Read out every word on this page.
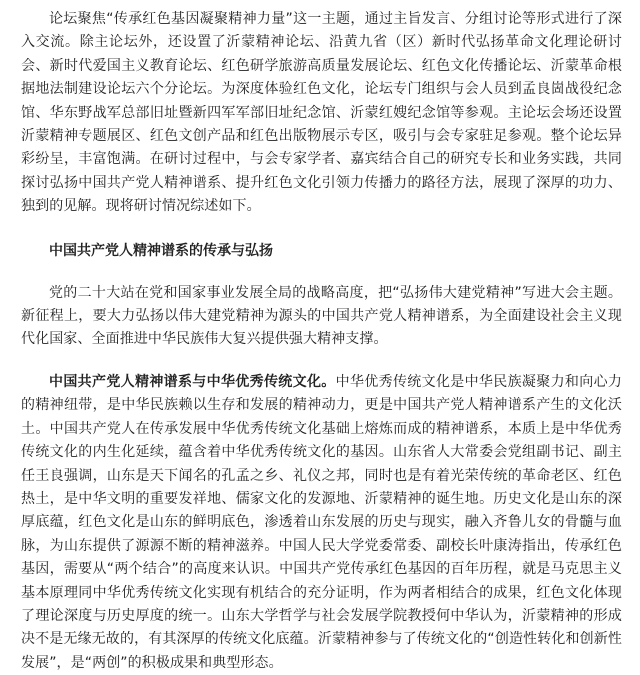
论坛聚焦“传承红色基因凝聚精神力量”这一主题，通过主旨发言、分组讨论等形式进行了深入交流。除主论坛外，还设置了沂蒙精神论坛、沿黄九省（区）新时代弘扬革命文化理论研讨会、新时代爱国主义教育论坛、红色研学旅游高质量发展论坛、红色文化传播论坛、沂蒙革命根据地法制建设论坛六个分论坛。为深度体验红色文化，论坛专门组织与会人员到孟良崮战役纪念馆、华东野战军总部旧址暨新四军军部旧址纪念馆、沂蒙红嫂纪念馆等参观。主论坛会场还设置沂蒙精神专题展区、红色文创产品和红色出版物展示专区，吸引与会专家驻足参观。整个论坛异彩纷呈，丰富饱满。在研讨过程中，与会专家学者、嘉宾结合自己的研究专长和业务实践，共同探讨弘扬中国共产党人精神谱系、提升红色文化引领力传播力的路径方法，展现了深厚的功力、独到的见解。现将研讨情况综述如下。

中国共产党人精神谱系的传承与弘扬

党的二十大站在党和国家事业发展全局的战略高度，把“弘扬伟大建党精神”写进大会主题。新征程上，要大力弘扬以伟大建党精神为源头的中国共产党人精神谱系，为全面建设社会主义现代化国家、全面推进中华民族伟大复兴提供强大精神支撑。

中国共产党人精神谱系与中华优秀传统文化。中华优秀传统文化是中华民族凝聚力和向心力的精神纽带，是中华民族赖以生存和发展的精神动力，更是中国共产党人精神谱系产生的文化沃土。中国共产党人在传承发展中华优秀传统文化基础上熔炼而成的精神谱系，本质上是中华优秀传统文化的内生化延续，蕴含着中华优秀传统文化的基因。山东省人大常委会党组副书记、副主任王良强调，山东是天下闻名的孔孟之乡、礼仪之邦，同时也是有着光荣传统的革命老区、红色热土，是中华文明的重要发祥地、儒家文化的发源地、沂蒙精神的诞生地。历史文化是山东的深厚底蕴，红色文化是山东的鲜明底色，渗透着山东发展的历史与现实，融入齐鲁儿女的骨髓与血脉，为山东提供了源源不断的精神滋养。中国人民大学党委常委、副校长叶康涛指出，传承红色基因，需要从“两个结合”的高度来认识。中国共产党传承红色基因的百年历程，就是马克思主义基本原理同中华优秀传统文化实现有机结合的充分证明，作为两者相结合的成果，红色文化体现了理论深度与历史厚度的统一。山东大学哲学与社会发展学院教授何中华认为，沂蒙精神的形成决不是无缘无故的，有其深厚的传统文化底蕴。沂蒙精神参与了传统文化的“创造性转化和创新性发展”，是“两创”的积极成果和典型形态。
